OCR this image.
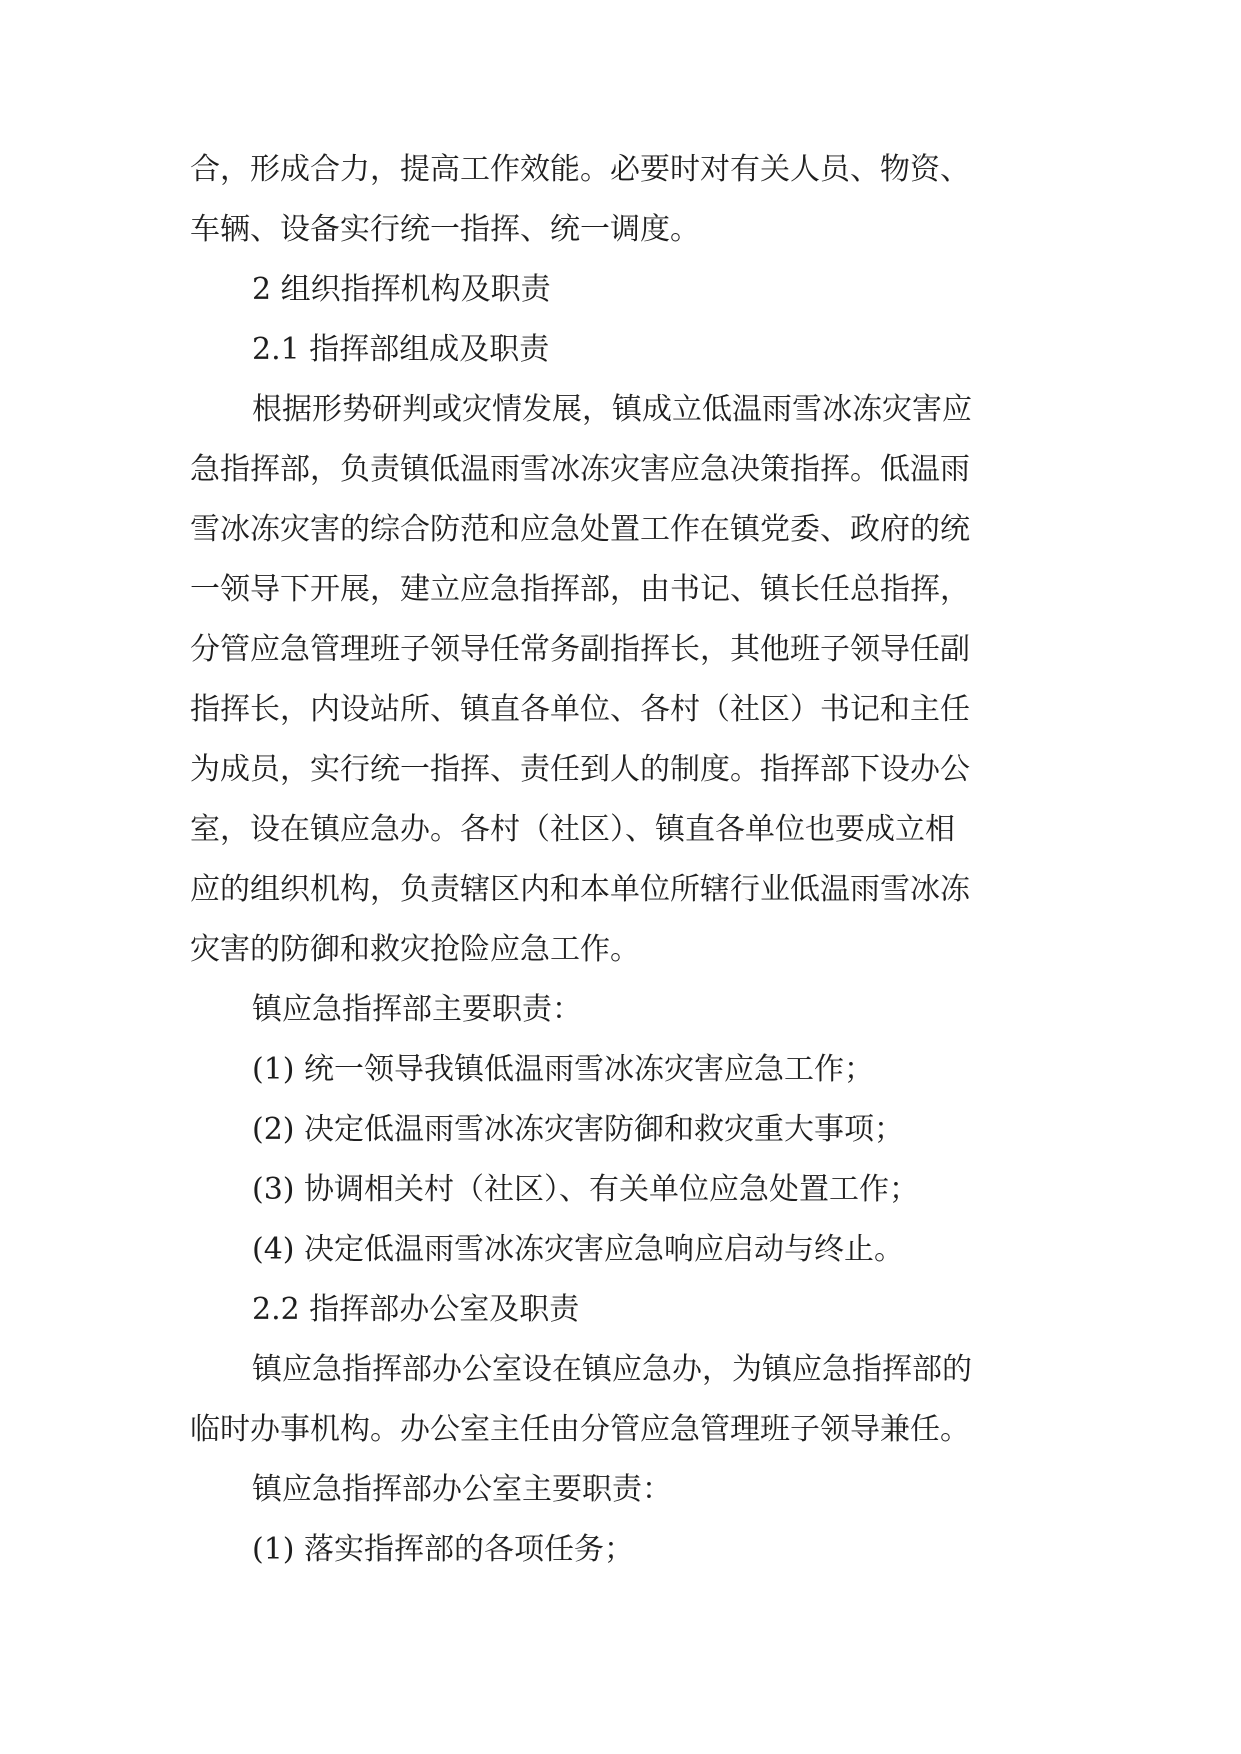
合，形成合力，提高工作效能。必要时对有关人员、物资、

车辆、设备实行统一指挥、统一调度。

2 组织指挥机构及职责

2.1 指挥部组成及职责

根据形势研判或灾情发展，镇成立低温雨雪冰冻灾害应

急指挥部，负责镇低温雨雪冰冻灾害应急决策指挥。低温雨

雪冰冻灾害的综合防范和应急处置工作在镇党委、政府的统

一领导下开展，建立应急指挥部，由书记、镇长任总指挥，

分管应急管理班子领导任常务副指挥长，其他班子领导任副

指挥长，内设站所、镇直各单位、各村（社区）书记和主任

为成员，实行统一指挥、责任到人的制度。指挥部下设办公

室，设在镇应急办。各村（社区）、镇直各单位也要成立相

应的组织机构，负责辖区内和本单位所辖行业低温雨雪冰冻

灾害的防御和救灾抢险应急工作。

镇应急指挥部主要职责：

(1) 统一领导我镇低温雨雪冰冻灾害应急工作；

(2) 决定低温雨雪冰冻灾害防御和救灾重大事项；

(3) 协调相关村（社区）、有关单位应急处置工作；

(4) 决定低温雨雪冰冻灾害应急响应启动与终止。

2.2 指挥部办公室及职责

镇应急指挥部办公室设在镇应急办，为镇应急指挥部的

临时办事机构。办公室主任由分管应急管理班子领导兼任。

镇应急指挥部办公室主要职责：

(1) 落实指挥部的各项任务；
